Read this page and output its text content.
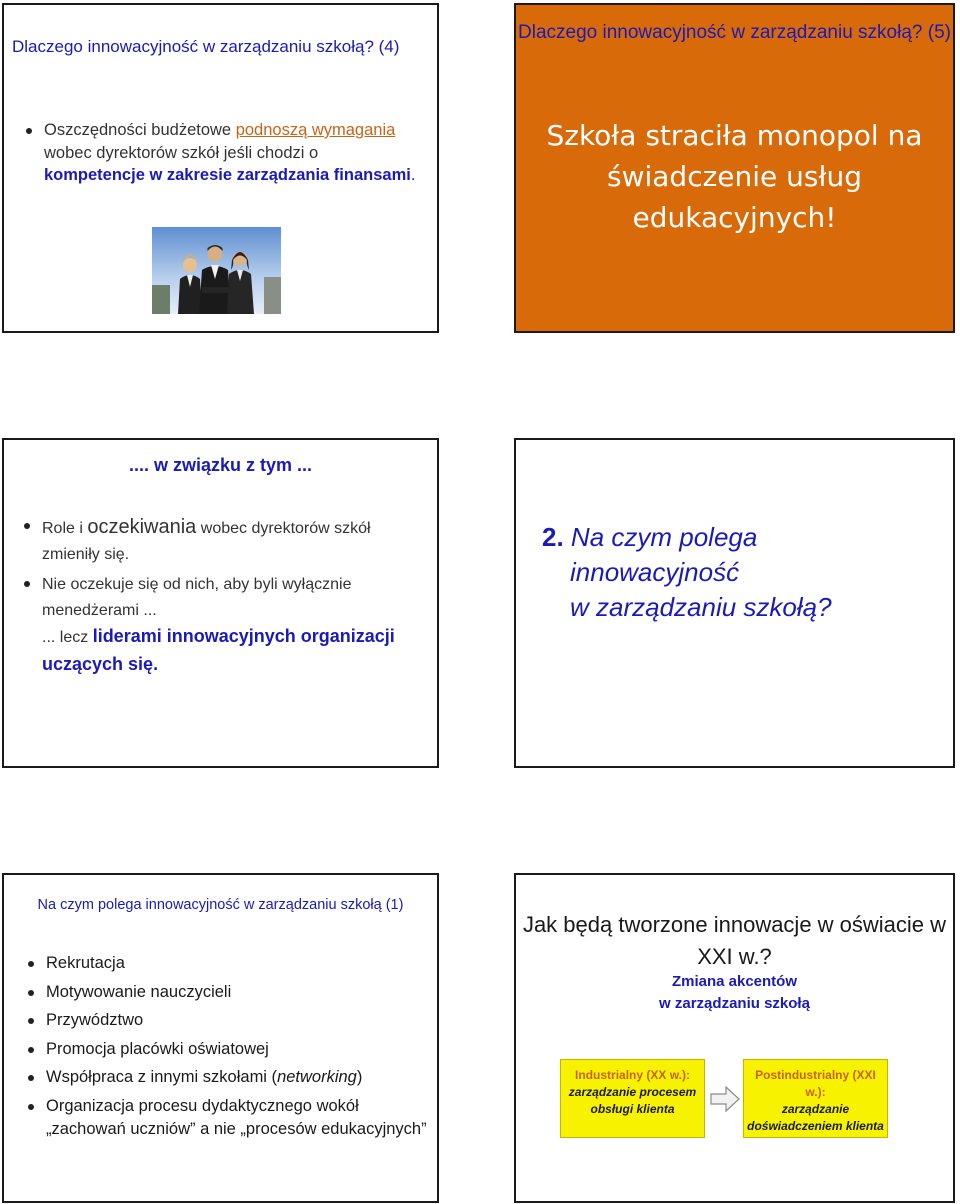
Dlaczego innowacyjność w zarządzaniu szkołą? (4)
Oszczędności budżetowe podnoszą wymagania wobec dyrektorów szkół jeśli chodzi o kompetencje w zakresie zarządzania finansami.
Dlaczego innowacyjność w zarządzaniu szkołą? (5)
Szkoła straciła monopol na świadczenie usług edukacyjnych!
.... w związku z tym ...
Role i oczekiwania wobec dyrektorów szkół zmieniły się.
Nie oczekuje się od nich, aby byli wyłącznie menedżerami ...
... lecz liderami innowacyjnych organizacji uczących się.
2. Na czym polega
innowacyjność
w zarządzaniu szkołą?
Na czym polega innowacyjność w zarządzaniu szkołą (1)
Rekrutacja
Motywowanie nauczycieli
Przywództwo
Promocja placówki oświatowej
Współpraca z innymi szkołami (networking)
Organizacja procesu dydaktycznego wokół „zachowań uczniów” a nie „procesów edukacyjnych”
Jak będą tworzone innowacje w oświacie w XXI w.?
Zmiana akcentów
w zarządzaniu szkołą
Industrialny (XX w.):
zarządzanie procesem obsługi klienta
Postindustrialny (XXI w.):
zarządzanie doświadczeniem klienta
